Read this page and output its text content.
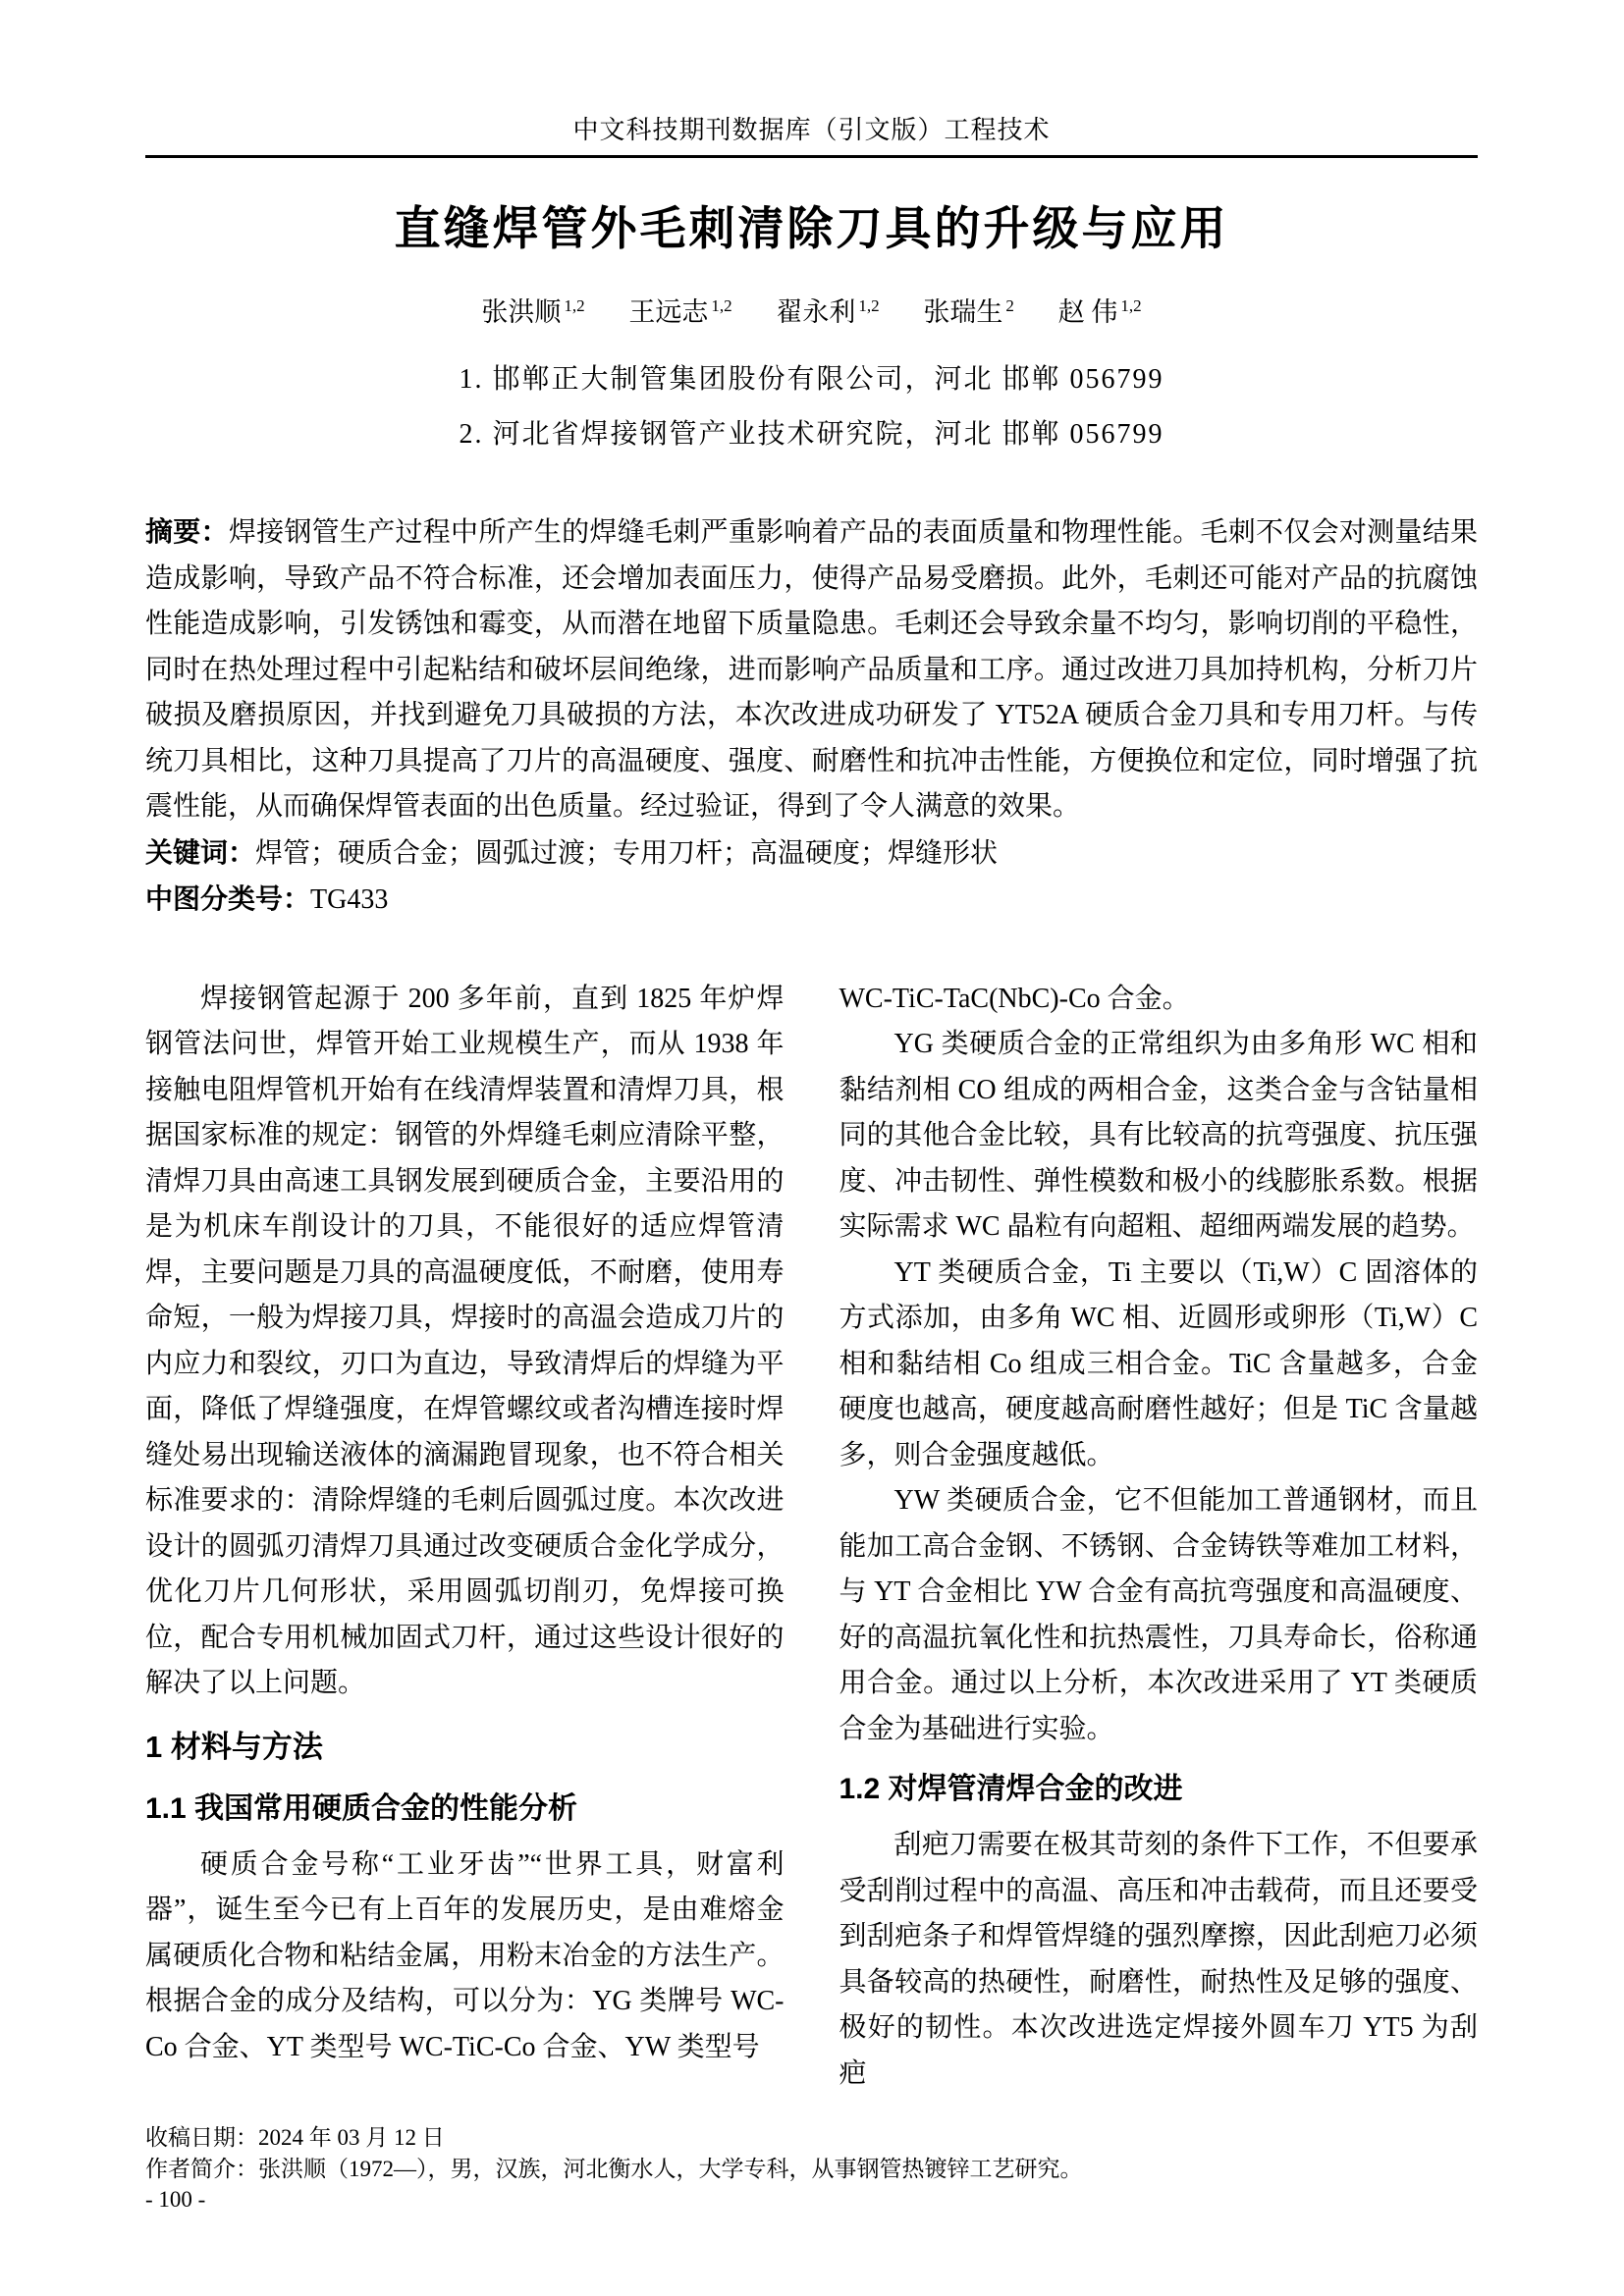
中文科技期刊数据库（引文版）工程技术
直缝焊管外毛刺清除刀具的升级与应用
张洪顺 $^{1,2}$ 王远志 $^{1,2}$ 翟永利 $^{1,2}$ 张瑞生 $^2$ 赵 伟 $^{1,2}$
1. 邯郸正大制管集团股份有限公司，河北 邯郸 056799
2. 河北省焊接钢管产业技术研究院，河北 邯郸 056799
摘要：焊接钢管生产过程中所产生的焊缝毛刺严重影响着产品的表面质量和物理性能。毛刺不仅会对测量结果造成影响，导致产品不符合标准，还会增加表面压力，使得产品易受磨损。此外，毛刺还可能对产品的抗腐蚀性能造成影响，引发锈蚀和霉变，从而潜在地留下质量隐患。毛刺还会导致余量不均匀，影响切削的平稳性，同时在热处理过程中引起粘结和破坏层间绝缘，进而影响产品质量和工序。通过改进刀具加持机构，分析刀片破损及磨损原因，并找到避免刀具破损的方法，本次改进成功研发了 YT52A 硬质合金刀具和专用刀杆。与传统刀具相比，这种刀具提高了刀片的高温硬度、强度、耐磨性和抗冲击性能，方便换位和定位，同时增强了抗震性能，从而确保焊管表面的出色质量。经过验证，得到了令人满意的效果。
关键词：焊管；硬质合金；圆弧过渡；专用刀杆；高温硬度；焊缝形状
中图分类号：TG433

焊接钢管起源于 200 多年前，直到 1825 年炉焊钢管法问世，焊管开始工业规模生产，而从 1938 年接触电阻焊管机开始有在线清焊装置和清焊刀具，根据国家标准的规定：钢管的外焊缝毛刺应清除平整，清焊刀具由高速工具钢发展到硬质合金，主要沿用的是为机床车削设计的刀具，不能很好的适应焊管清焊，主要问题是刀具的高温硬度低，不耐磨，使用寿命短，一般为焊接刀具，焊接时的高温会造成刀片的内应力和裂纹，刃口为直边，导致清焊后的焊缝为平面，降低了焊缝强度，在焊管螺纹或者沟槽连接时焊缝处易出现输送液体的滴漏跑冒现象，也不符合相关标准要求的：清除焊缝的毛刺后圆弧过度。本次改进设计的圆弧刃清焊刀具通过改变硬质合金化学成分，优化刀片几何形状，采用圆弧切削刃，免焊接可换位，配合专用机械加固式刀杆，通过这些设计很好的解决了以上问题。

1 材料与方法
1.1 我国常用硬质合金的性能分析

硬质合金号称“工业牙齿”“世界工具，财富利器”，诞生至今已有上百年的发展历史，是由难熔金属硬质化合物和粘结金属，用粉末冶金的方法生产。根据合金的成分及结构，可以分为：YG 类牌号 WC-Co 合金、YT 类型号 WC-TiC-Co 合金、YW 类型号

WC-TiC-TaC(NbC)-Co 合金。

YG 类硬质合金的正常组织为由多角形 WC 相和黏结剂相 CO 组成的两相合金，这类合金与含钴量相同的其他合金比较，具有比较高的抗弯强度、抗压强度、冲击韧性、弹性模数和极小的线膨胀系数。根据实际需求 WC 晶粒有向超粗、超细两端发展的趋势。

YT 类硬质合金，Ti 主要以（Ti,W）C 固溶体的方式添加，由多角 WC 相、近圆形或卵形（Ti,W）C 相和黏结相 Co 组成三相合金。TiC 含量越多，合金硬度也越高，硬度越高耐磨性越好；但是 TiC 含量越多，则合金强度越低。

YW 类硬质合金，它不但能加工普通钢材，而且能加工高合金钢、不锈钢、合金铸铁等难加工材料，与 YT 合金相比 YW 合金有高抗弯强度和高温硬度、好的高温抗氧化性和抗热震性，刀具寿命长，俗称通用合金。通过以上分析，本次改进采用了 YT 类硬质合金为基础进行实验。

1.2 对焊管清焊合金的改进

刮疤刀需要在极其苛刻的条件下工作，不但要承受刮削过程中的高温、高压和冲击载荷，而且还要受到刮疤条子和焊管焊缝的强烈摩擦，因此刮疤刀必须具备较高的热硬性，耐磨性，耐热性及足够的强度、极好的韧性。本次改进选定焊接外圆车刀 YT5 为刮疤

收稿日期：2024 年 03 月 12 日
作者简介：张洪顺（1972—），男，汉族，河北衡水人，大学专科，从事钢管热镀锌工艺研究。
- 100 -
